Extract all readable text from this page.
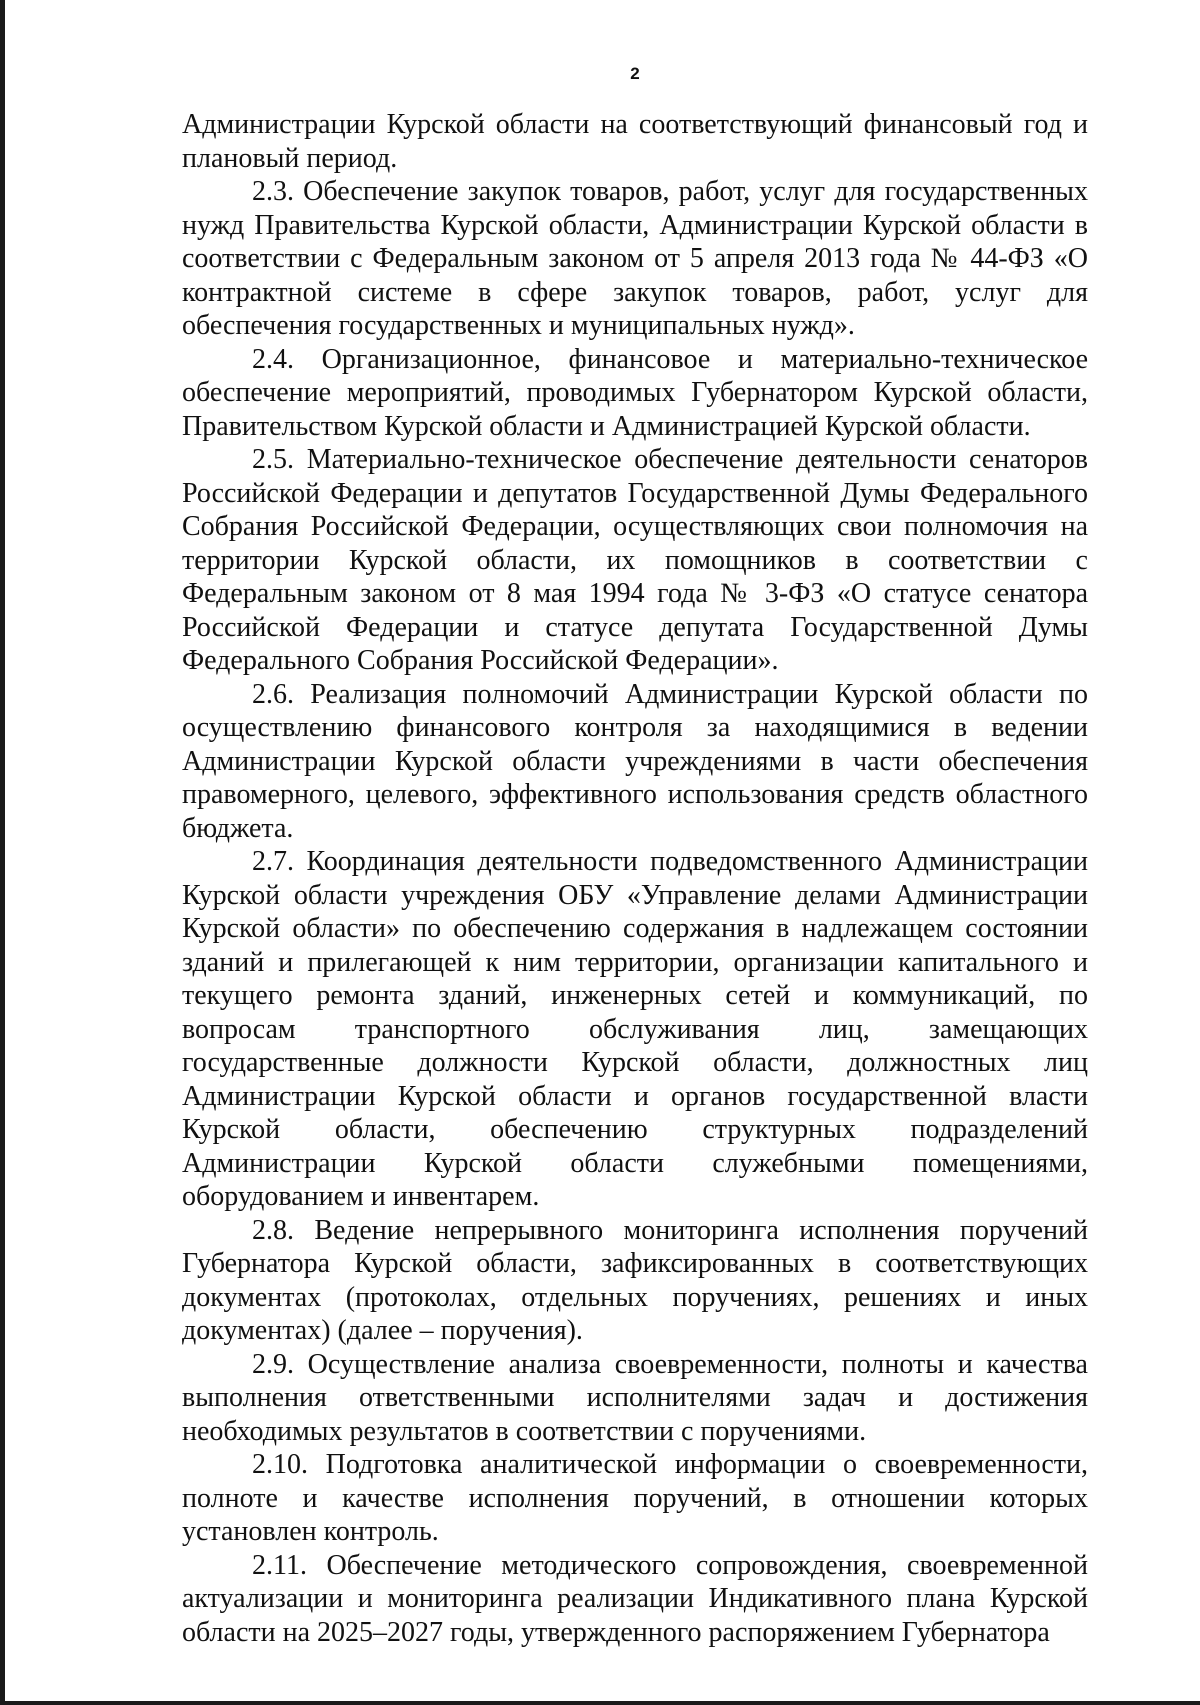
2

Администрации Курской области на соответствующий финансовый год и плановый период.

2.3. Обеспечение закупок товаров, работ, услуг для государственных нужд Правительства Курской области, Администрации Курской области в соответствии с Федеральным законом от 5 апреля 2013 года № 44-ФЗ «О контрактной системе в сфере закупок товаров, работ, услуг для обеспечения государственных и муниципальных нужд».

2.4. Организационное, финансовое и материально-техническое обеспечение мероприятий, проводимых Губернатором Курской области, Правительством Курской области и Администрацией Курской области.

2.5. Материально-техническое обеспечение деятельности сенаторов Российской Федерации и депутатов Государственной Думы Федерального Собрания Российской Федерации, осуществляющих свои полномочия на территории Курской области, их помощников в соответствии с Федеральным законом от 8 мая 1994 года № 3-ФЗ «О статусе сенатора Российской Федерации и статусе депутата Государственной Думы Федерального Собрания Российской Федерации».

2.6. Реализация полномочий Администрации Курской области по осуществлению финансового контроля за находящимися в ведении Администрации Курской области учреждениями в части обеспечения правомерного, целевого, эффективного использования средств областного бюджета.

2.7. Координация деятельности подведомственного Администрации Курской области учреждения ОБУ «Управление делами Администрации Курской области» по обеспечению содержания в надлежащем состоянии зданий и прилегающей к ним территории, организации капитального и текущего ремонта зданий, инженерных сетей и коммуникаций, по вопросам транспортного обслуживания лиц, замещающих государственные должности Курской области, должностных лиц Администрации Курской области и органов государственной власти Курской области, обеспечению структурных подразделений Администрации Курской области служебными помещениями, оборудованием и инвентарем.

2.8. Ведение непрерывного мониторинга исполнения поручений Губернатора Курской области, зафиксированных в соответствующих документах (протоколах, отдельных поручениях, решениях и иных документах) (далее – поручения).

2.9. Осуществление анализа своевременности, полноты и качества выполнения ответственными исполнителями задач и достижения необходимых результатов в соответствии с поручениями.

2.10. Подготовка аналитической информации о своевременности, полноте и качестве исполнения поручений, в отношении которых установлен контроль.

2.11. Обеспечение методического сопровождения, своевременной актуализации и мониторинга реализации Индикативного плана Курской области на 2025–2027 годы, утвержденного распоряжением Губернатора
